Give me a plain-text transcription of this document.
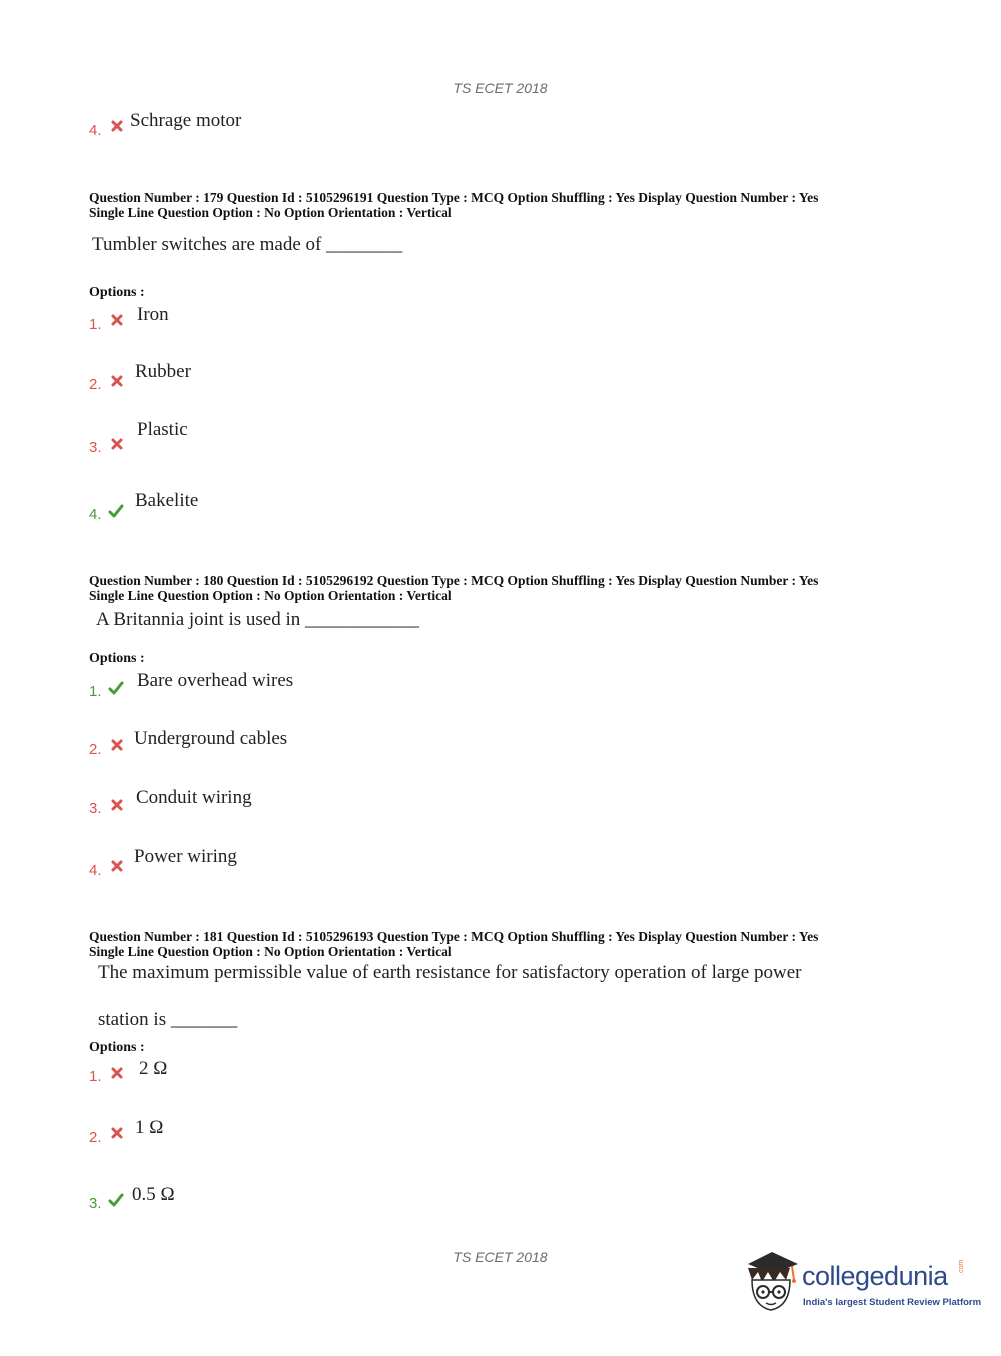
TS ECET 2018
4. Schrage motor
Question Number : 179 Question Id : 5105296191 Question Type : MCQ Option Shuffling : Yes Display Question Number : Yes
Single Line Question Option : No Option Orientation : Vertical
Tumbler switches are made of ________
Options :
1. Iron
2.
Rubber
3.
Plastic
4.
Bakelite
Question Number : 180 Question Id : 5105296192 Question Type : MCQ Option Shuffling : Yes Display Question Number : Yes
Single Line Question Option : No Option Orientation : Vertical
A Britannia joint is used in ____________
Options :
1.
Bare overhead wires
2.
Underground cables
3.
Conduit wiring
4.
Power wiring
Question Number : 181 Question Id : 5105296193 Question Type : MCQ Option Shuffling : Yes Display Question Number : Yes
Single Line Question Option : No Option Orientation : Vertical
The maximum permissible value of earth resistance for satisfactory operation of large power
station is _______
Options :
1. 2 Ω
2. 1 Ω
3. 0.5 Ω
TS ECET 2018
collegedunia .com
India's largest Student Review Platform
